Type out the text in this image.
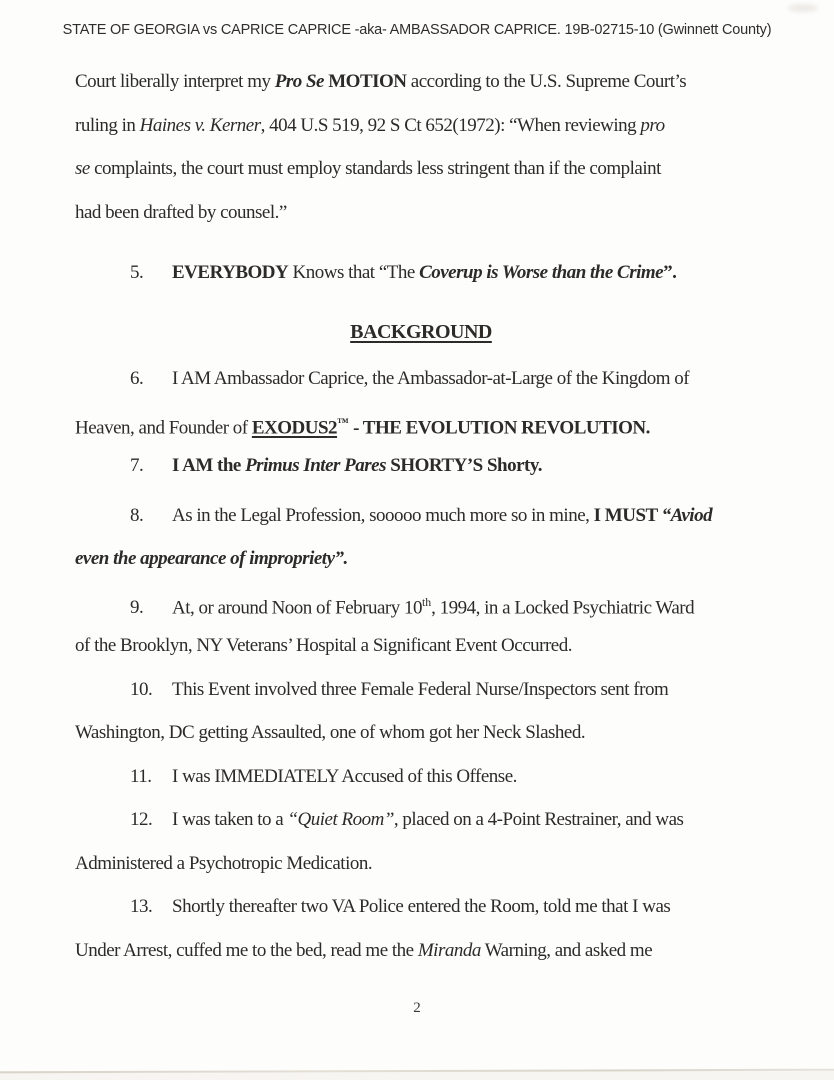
STATE OF GEORGIA vs CAPRICE CAPRICE -aka- AMBASSADOR CAPRICE. 19B-02715-10 (Gwinnett County)
Court liberally interpret my Pro Se MOTION according to the U.S. Supreme Court’s
ruling in Haines v. Kerner, 404 U.S 519, 92 S Ct 652(1972): “When reviewing pro
se complaints, the court must employ standards less stringent than if the complaint
had been drafted by counsel.”
5. EVERYBODY Knows that “The Coverup is Worse than the Crime”.
BACKGROUND
6. I AM Ambassador Caprice, the Ambassador-at-Large of the Kingdom of
Heaven, and Founder of EXODUS2™ - THE EVOLUTION REVOLUTION.
7. I AM the Primus Inter Pares SHORTY’S Shorty.
8. As in the Legal Profession, sooooo much more so in mine, I MUST “Aviod
even the appearance of impropriety”.
9. At, or around Noon of February 10th, 1994, in a Locked Psychiatric Ward
of the Brooklyn, NY Veterans’ Hospital a Significant Event Occurred.
10. This Event involved three Female Federal Nurse/Inspectors sent from
Washington, DC getting Assaulted, one of whom got her Neck Slashed.
11. I was IMMEDIATELY Accused of this Offense.
12. I was taken to a “Quiet Room”, placed on a 4-Point Restrainer, and was
Administered a Psychotropic Medication.
13. Shortly thereafter two VA Police entered the Room, told me that I was
Under Arrest, cuffed me to the bed, read me the Miranda Warning, and asked me
2
